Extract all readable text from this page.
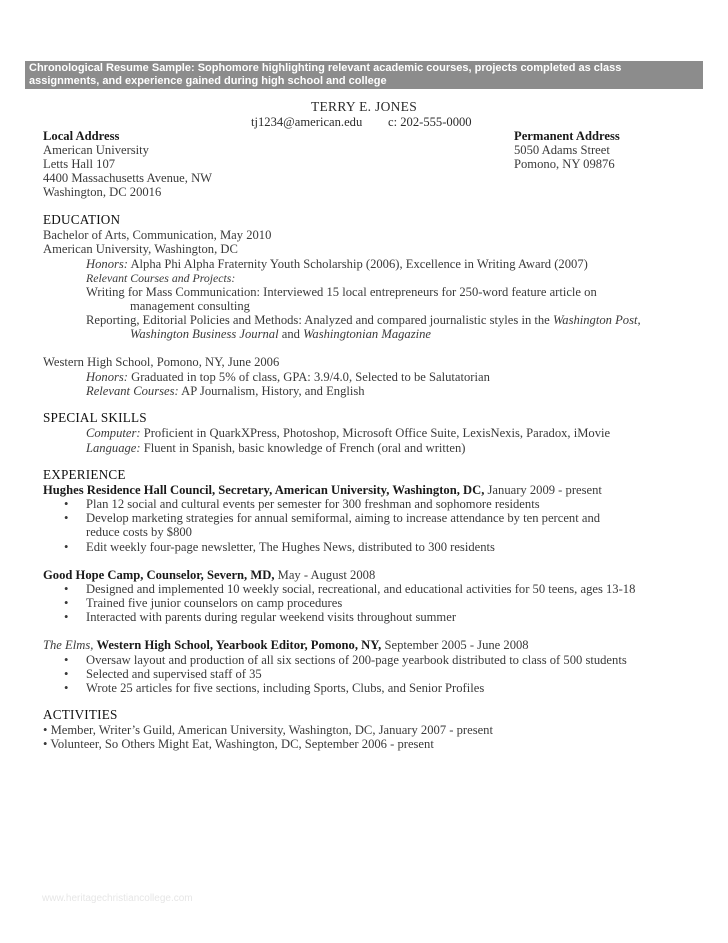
Chronological Resume Sample: Sophomore highlighting relevant academic courses, projects completed as class
assignments, and experience gained during high school and college
TERRY E. JONES
tj1234@american.edu c: 202-555-0000
Local Address
American University
Letts Hall 107
4400 Massachusetts Avenue, NW
Washington, DC 20016
Permanent Address
5050 Adams Street
Pomono, NY 09876
EDUCATION
Bachelor of Arts, Communication, May 2010
American University, Washington, DC
Honors: Alpha Phi Alpha Fraternity Youth Scholarship (2006), Excellence in Writing Award (2007)
Relevant Courses and Projects:
Writing for Mass Communication: Interviewed 15 local entrepreneurs for 250-word feature article on
management consulting
Reporting, Editorial Policies and Methods: Analyzed and compared journalistic styles in the Washington Post,
Washington Business Journal and Washingtonian Magazine
Western High School, Pomono, NY, June 2006
Honors: Graduated in top 5% of class, GPA: 3.9/4.0, Selected to be Salutatorian
Relevant Courses: AP Journalism, History, and English
SPECIAL SKILLS
Computer: Proficient in QuarkXPress, Photoshop, Microsoft Office Suite, LexisNexis, Paradox, iMovie
Language: Fluent in Spanish, basic knowledge of French (oral and written)
EXPERIENCE
Hughes Residence Hall Council, Secretary, American University, Washington, DC, January 2009 - present
• Plan 12 social and cultural events per semester for 300 freshman and sophomore residents
• Develop marketing strategies for annual semiformal, aiming to increase attendance by ten percent and
reduce costs by $800
• Edit weekly four-page newsletter, The Hughes News, distributed to 300 residents
Good Hope Camp, Counselor, Severn, MD, May - August 2008
• Designed and implemented 10 weekly social, recreational, and educational activities for 50 teens, ages 13-18
• Trained five junior counselors on camp procedures
• Interacted with parents during regular weekend visits throughout summer
The Elms, Western High School, Yearbook Editor, Pomono, NY, September 2005 - June 2008
• Oversaw layout and production of all six sections of 200-page yearbook distributed to class of 500 students
• Selected and supervised staff of 35
• Wrote 25 articles for five sections, including Sports, Clubs, and Senior Profiles
ACTIVITIES
• Member, Writer’s Guild, American University, Washington, DC, January 2007 - present
• Volunteer, So Others Might Eat, Washington, DC, September 2006 - present
www.heritagechristiancollege.com
